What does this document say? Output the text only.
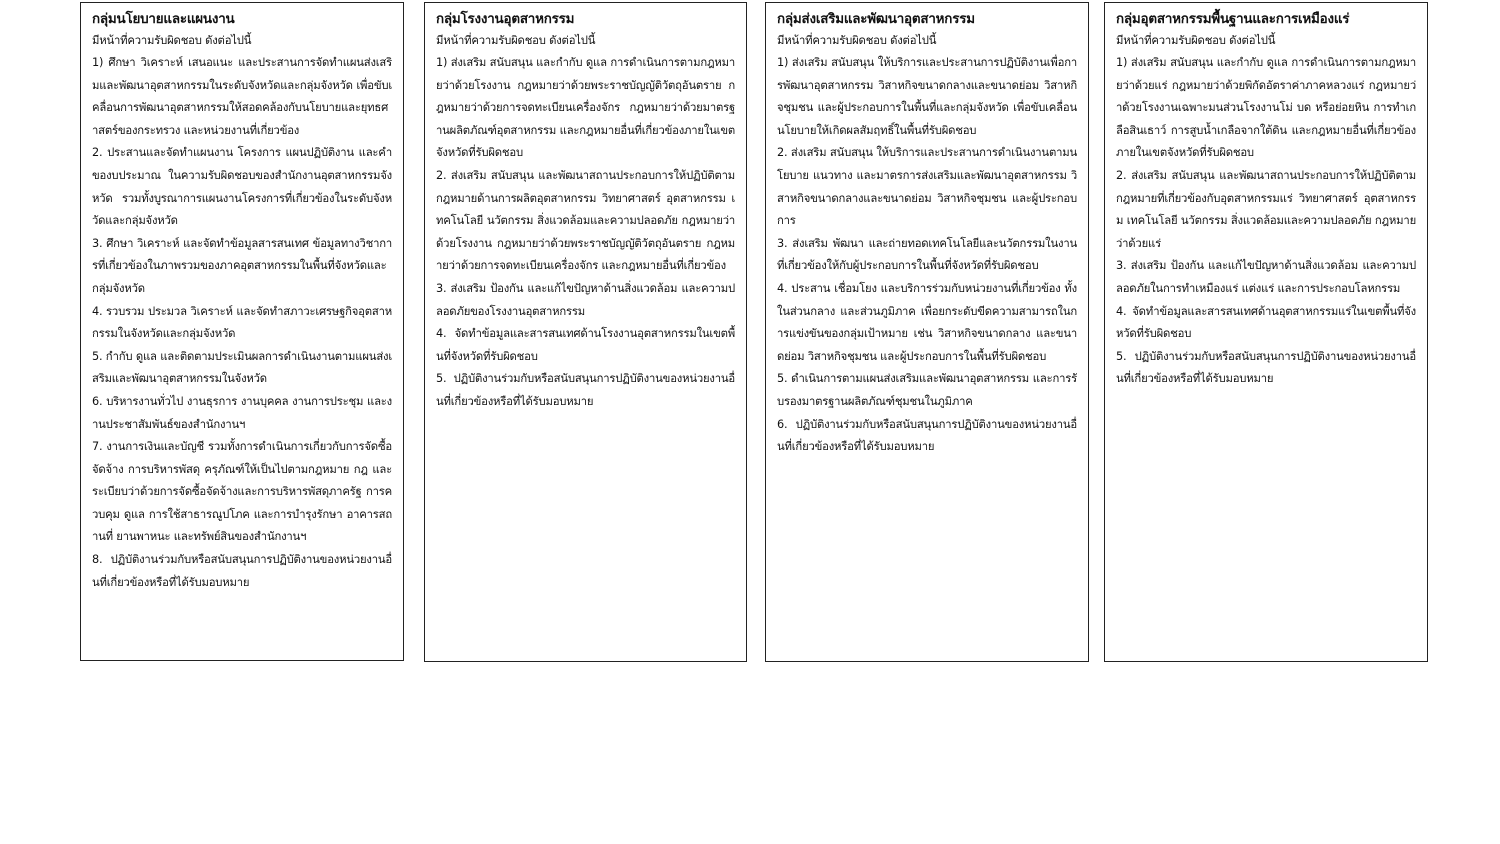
กลุ่มนโยบายและแผนงาน
มีหน้าที่ความรับผิดชอบ ดังต่อไปนี้
1) ศึกษา วิเคราะห์ เสนอแนะ และประสานการจัดทำแผนส่งเสริมและพัฒนาอุตสาหกรรมในระดับจังหวัดและกลุ่มจังหวัด เพื่อขับเคลื่อนการพัฒนาอุตสาหกรรมให้สอดคล้องกับนโยบายและยุทธศาสตร์ของกระทรวง และหน่วยงานที่เกี่ยวข้อง
2. ประสานและจัดทำแผนงาน โครงการ แผนปฏิบัติงาน และคำของบประมาณ ในความรับผิดชอบของสำนักงานอุตสาหกรรมจังหวัด รวมทั้งบูรณาการแผนงานโครงการที่เกี่ยวข้องในระดับจังหวัดและกลุ่มจังหวัด
3. ศึกษา วิเคราะห์ และจัดทำข้อมูลสารสนเทศ ข้อมูลทางวิชาการที่เกี่ยวข้องในภาพรวมของภาคอุตสาหกรรมในพื้นที่จังหวัดและกลุ่มจังหวัด
4. รวบรวม ประมวล วิเคราะห์ และจัดทำสภาวะเศรษฐกิจอุตสาหกรรมในจังหวัดและกลุ่มจังหวัด
5. กำกับ ดูแล และติดตามประเมินผลการดำเนินงานตามแผนส่งเสริมและพัฒนาอุตสาหกรรมในจังหวัด
6. บริหารงานทั่วไป งานธุรการ งานบุคคล งานการประชุม และงานประชาสัมพันธ์ของสำนักงานฯ
7. งานการเงินและบัญชี รวมทั้งการดำเนินการเกี่ยวกับการจัดซื้อ จัดจ้าง การบริหารพัสดุ ครุภัณฑ์ให้เป็นไปตามกฎหมาย กฎ และระเบียบว่าด้วยการจัดซื้อจัดจ้างและการบริหารพัสดุภาครัฐ การควบคุม ดูแล การใช้สาธารณูปโภค และการบำรุงรักษา อาคารสถานที่ ยานพาหนะ และทรัพย์สินของสำนักงานฯ
8. ปฏิบัติงานร่วมกับหรือสนับสนุนการปฏิบัติงานของหน่วยงานอื่นที่เกี่ยวข้องหรือที่ได้รับมอบหมาย
กลุ่มโรงงานอุตสาหกรรม
มีหน้าที่ความรับผิดชอบ ดังต่อไปนี้
1) ส่งเสริม สนับสนุน และกำกับ ดูแล การดำเนินการตามกฎหมายว่าด้วยโรงงาน กฎหมายว่าด้วยพระราชบัญญัติวัตถุอันตราย กฎหมายว่าด้วยการจดทะเบียนเครื่องจักร กฎหมายว่าด้วยมาตรฐานผลิตภัณฑ์อุตสาหกรรม และกฎหมายอื่นที่เกี่ยวข้องภายในเขตจังหวัดที่รับผิดชอบ
2. ส่งเสริม สนับสนุน และพัฒนาสถานประกอบการให้ปฏิบัติตามกฎหมายด้านการผลิตอุตสาหกรรม วิทยาศาสตร์ อุตสาหกรรม เทคโนโลยี นวัตกรรม สิ่งแวดล้อมและความปลอดภัย กฎหมายว่าด้วยโรงงาน กฎหมายว่าด้วยพระราชบัญญัติวัตถุอันตราย กฎหมายว่าด้วยการจดทะเบียนเครื่องจักร และกฎหมายอื่นที่เกี่ยวข้อง
3. ส่งเสริม ป้องกัน และแก้ไขปัญหาด้านสิ่งแวดล้อม และความปลอดภัยของโรงงานอุตสาหกรรม
4. จัดทำข้อมูลและสารสนเทศด้านโรงงานอุตสาหกรรมในเขตพื้นที่จังหวัดที่รับผิดชอบ
5. ปฏิบัติงานร่วมกับหรือสนับสนุนการปฏิบัติงานของหน่วยงานอื่นที่เกี่ยวข้องหรือที่ได้รับมอบหมาย
กลุ่มส่งเสริมและพัฒนาอุตสาหกรรม
มีหน้าที่ความรับผิดชอบ ดังต่อไปนี้
1) ส่งเสริม สนับสนุน ให้บริการและประสานการปฏิบัติงานเพื่อการพัฒนาอุตสาหกรรม วิสาหกิจขนาดกลางและขนาดย่อม วิสาหกิจชุมชน และผู้ประกอบการในพื้นที่และกลุ่มจังหวัด เพื่อขับเคลื่อนนโยบายให้เกิดผลสัมฤทธิ์ในพื้นที่รับผิดชอบ
2. ส่งเสริม สนับสนุน ให้บริการและประสานการดำเนินงานตามนโยบาย แนวทาง และมาตรการส่งเสริมและพัฒนาอุตสาหกรรม วิสาหกิจขนาดกลางและขนาดย่อม วิสาหกิจชุมชน และผู้ประกอบการ
3. ส่งเสริม พัฒนา และถ่ายทอดเทคโนโลยีและนวัตกรรมในงานที่เกี่ยวข้องให้กับผู้ประกอบการในพื้นที่จังหวัดที่รับผิดชอบ
4. ประสาน เชื่อมโยง และบริการร่วมกับหน่วยงานที่เกี่ยวข้อง ทั้งในส่วนกลาง และส่วนภูมิภาค เพื่อยกระดับขีดความสามารถในการแข่งขันของกลุ่มเป้าหมาย เช่น วิสาหกิจขนาดกลาง และขนาดย่อม วิสาหกิจชุมชน และผู้ประกอบการในพื้นที่รับผิดชอบ
5. ดำเนินการตามแผนส่งเสริมและพัฒนาอุตสาหกรรม และการรับรองมาตรฐานผลิตภัณฑ์ชุมชนในภูมิภาค
6. ปฏิบัติงานร่วมกับหรือสนับสนุนการปฏิบัติงานของหน่วยงานอื่นที่เกี่ยวข้องหรือที่ได้รับมอบหมาย
กลุ่มอุตสาหกรรมพื้นฐานและการเหมืองแร่
มีหน้าที่ความรับผิดชอบ ดังต่อไปนี้
1) ส่งเสริม สนับสนุน และกำกับ ดูแล การดำเนินการตามกฎหมายว่าด้วยแร่ กฎหมายว่าด้วยพิกัดอัตราค่าภาคหลวงแร่ กฎหมายว่าด้วยโรงงานเฉพาะมนส่วนโรงงานโม่ บด หรือย่อยหิน การทำเกลือสินเธาว์ การสูบน้ำเกลือจากใต้ดิน และกฎหมายอื่นที่เกี่ยวข้องภายในเขตจังหวัดที่รับผิดชอบ
2. ส่งเสริม สนับสนุน และพัฒนาสถานประกอบการให้ปฏิบัติตามกฎหมายที่เกี่ยวข้องกับอุตสาหกรรมแร่ วิทยาศาสตร์ อุตสาหกรรม เทคโนโลยี นวัตกรรม สิ่งแวดล้อมและความปลอดภัย กฎหมายว่าด้วยแร่
3. ส่งเสริม ป้องกัน และแก้ไขปัญหาด้านสิ่งแวดล้อม และความปลอดภัยในการทำเหมืองแร่ แต่งแร่ และการประกอบโลหกรรม
4. จัดทำข้อมูลและสารสนเทศด้านอุตสาหกรรมแร่ในเขตพื้นที่จังหวัดที่รับผิดชอบ
5. ปฏิบัติงานร่วมกับหรือสนับสนุนการปฏิบัติงานของหน่วยงานอื่นที่เกี่ยวข้องหรือที่ได้รับมอบหมาย
